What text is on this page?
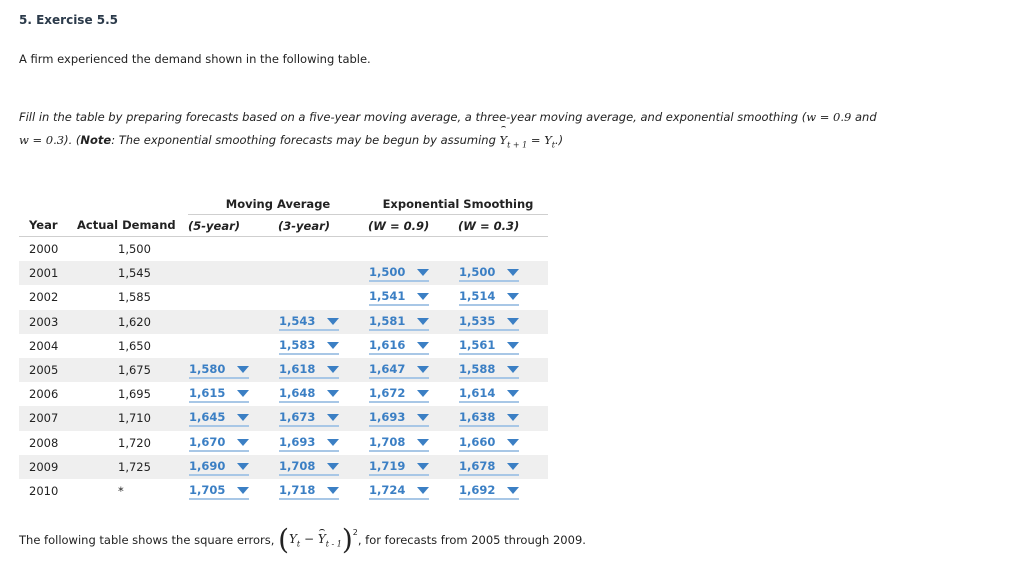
5. Exercise 5.5
A firm experienced the demand shown in the following table.
Fill in the table by preparing forecasts based on a five-year moving average, a three-year moving average, and exponential smoothing (w = 0.9 and
w = 0.3). (Note: The exponential smoothing forecasts may be begun by assuming $Y_{t + 1} = Y_t$.)
		Moving Average		Exponential Smoothing	
Year	Actual Demand	(5-year)	(3-year)	(W = 0.9)	(W = 0.3)
2000	1,500				
2001	1,545			1,500	1,500

2002	1,585			1,541	1,514

2003	1,620		1,543	1,581	1,535

2004	1,650		1,583	1,616	1,561

2005	1,675	1,580	1,618	1,647	1,588

2006	1,695	1,615	1,648	1,672	1,614

2007	1,710	1,645	1,673	1,693	1,638

2008	1,720	1,670	1,693	1,708	1,660

2009	1,725	1,690	1,708	1,719	1,678

2010	*	1,705	1,718	1,724	1,692
The following table shows the square errors,
( $Y_t - Y_{t - 1}$ ) 2
, for forecasts from 2005 through 2009.
